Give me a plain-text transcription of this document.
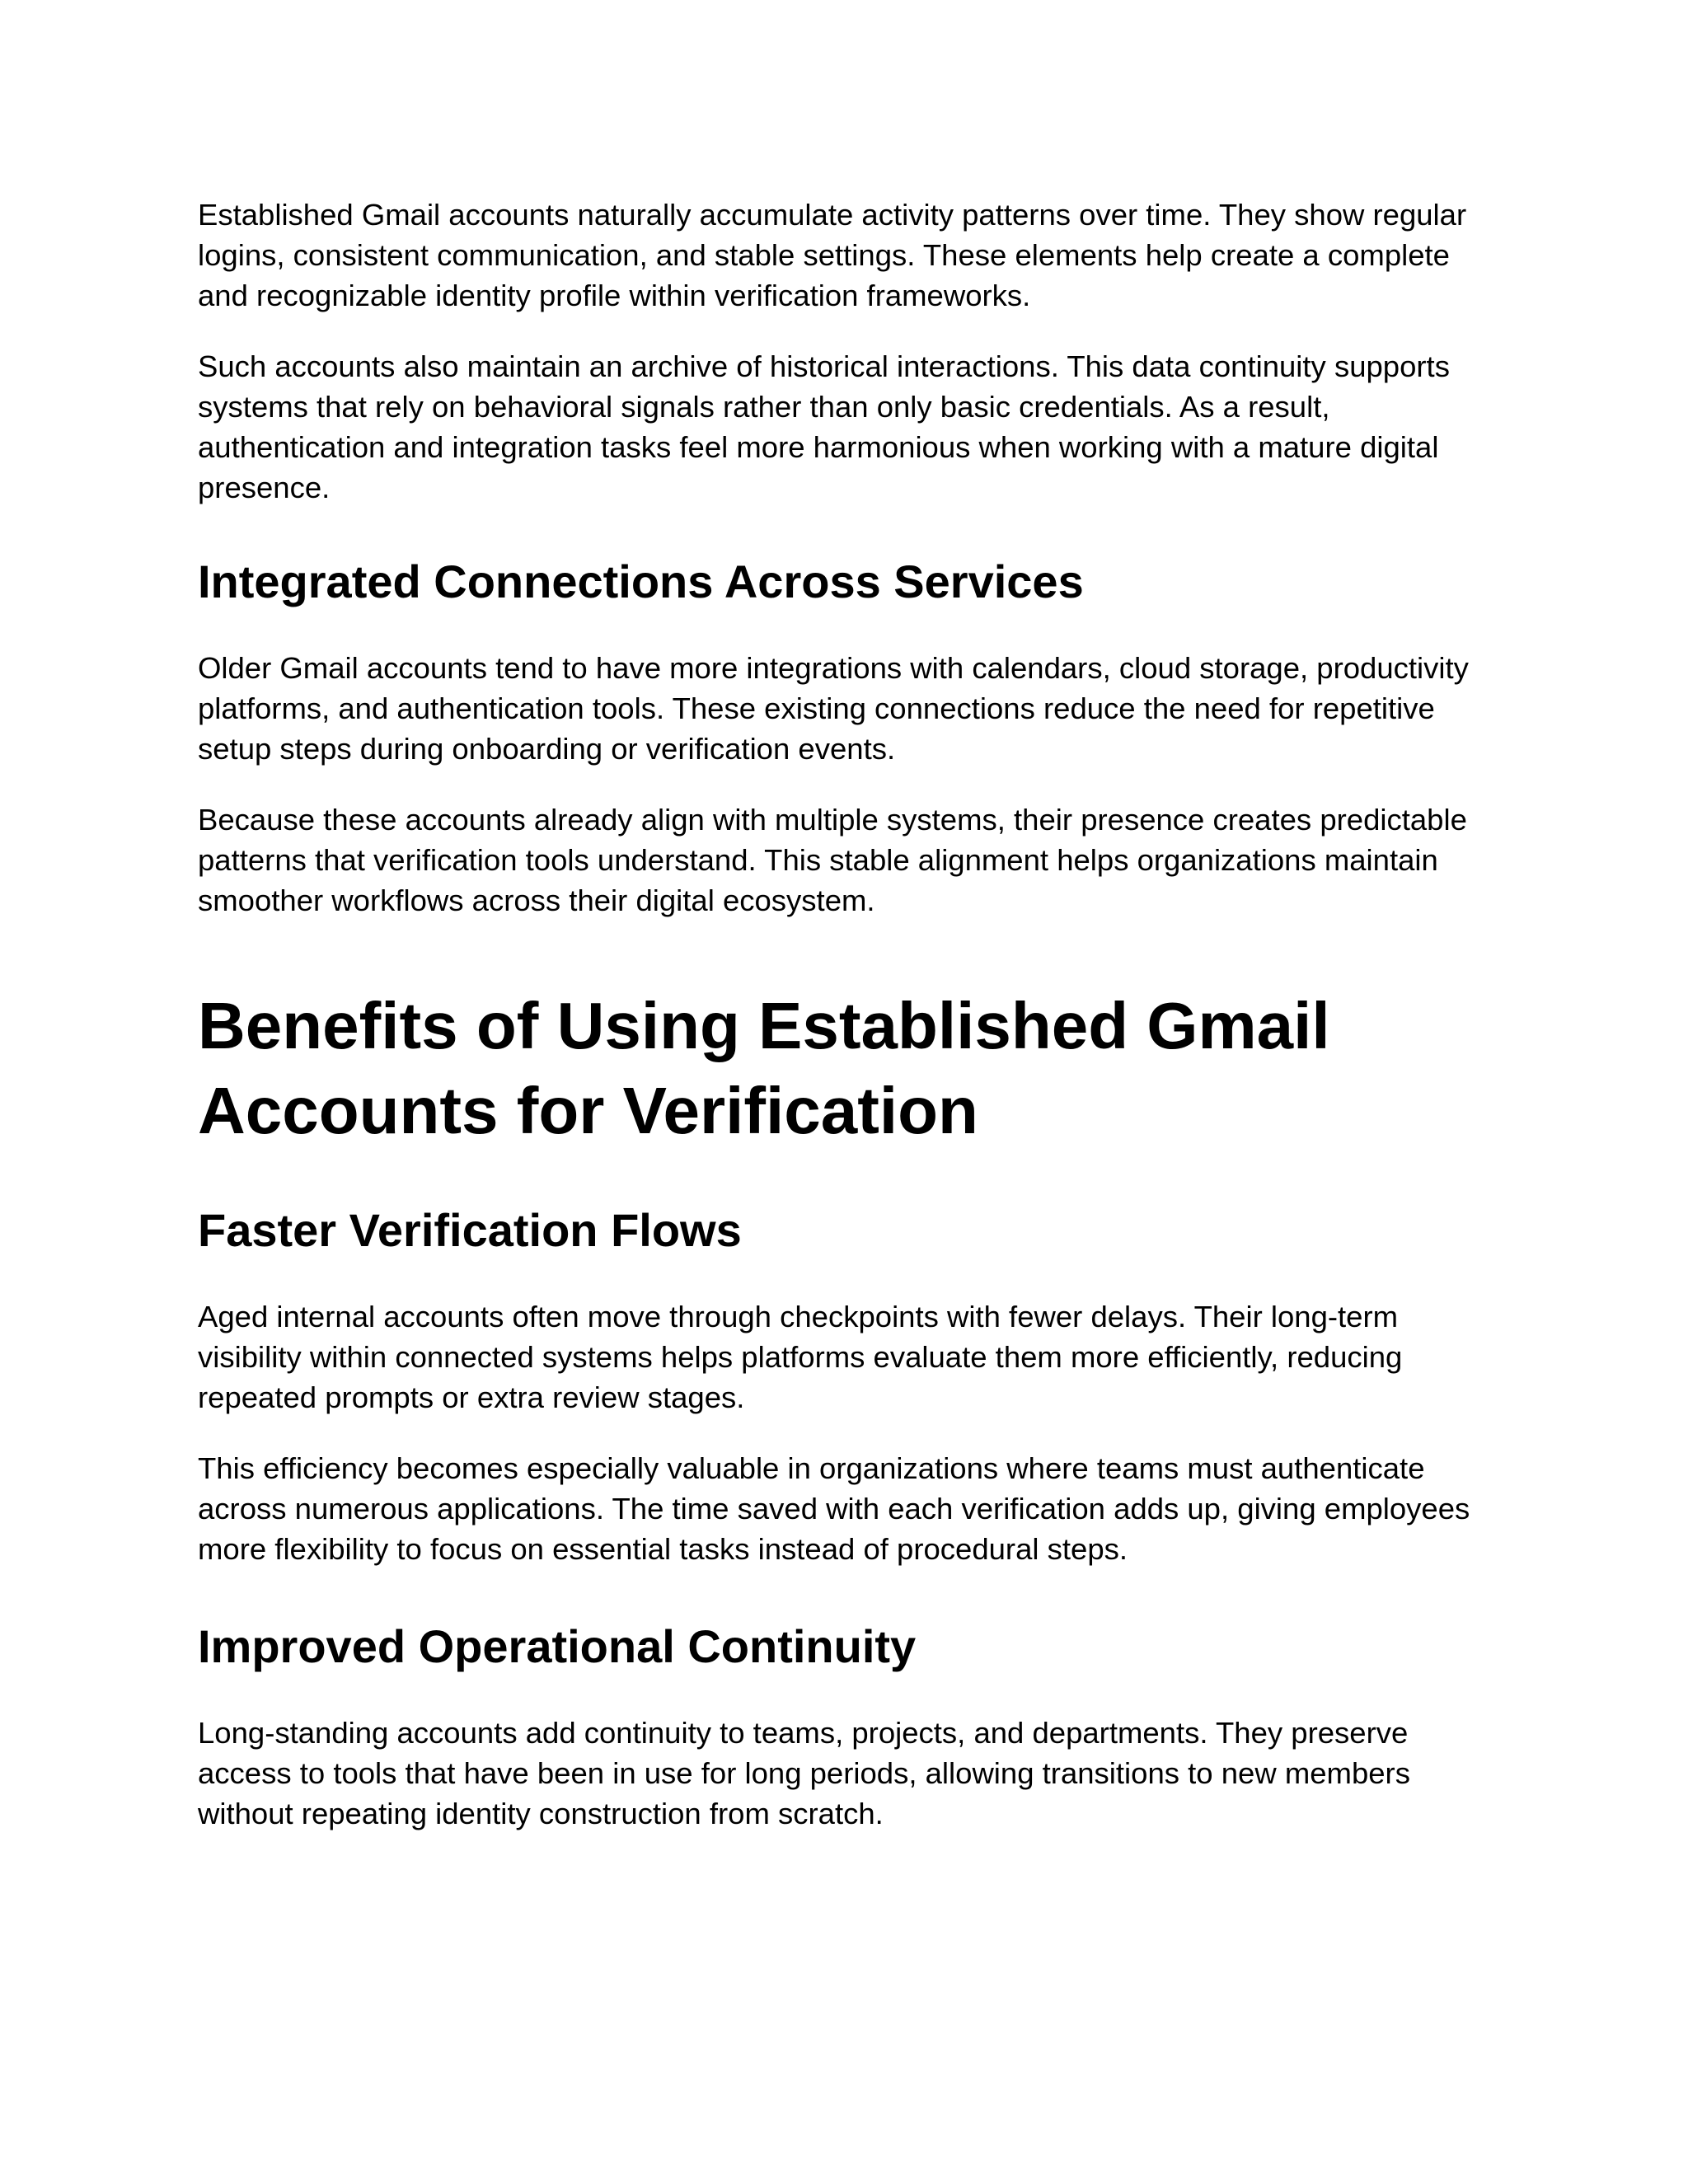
Established Gmail accounts naturally accumulate activity patterns over time. They show regular logins, consistent communication, and stable settings. These elements help create a complete and recognizable identity profile within verification frameworks.

Such accounts also maintain an archive of historical interactions. This data continuity supports systems that rely on behavioral signals rather than only basic credentials. As a result, authentication and integration tasks feel more harmonious when working with a mature digital presence.

Integrated Connections Across Services

Older Gmail accounts tend to have more integrations with calendars, cloud storage, productivity platforms, and authentication tools. These existing connections reduce the need for repetitive setup steps during onboarding or verification events.

Because these accounts already align with multiple systems, their presence creates predictable patterns that verification tools understand. This stable alignment helps organizations maintain smoother workflows across their digital ecosystem.

Benefits of Using Established Gmail Accounts for Verification
Faster Verification Flows

Aged internal accounts often move through checkpoints with fewer delays. Their long-term visibility within connected systems helps platforms evaluate them more efficiently, reducing repeated prompts or extra review stages.

This efficiency becomes especially valuable in organizations where teams must authenticate across numerous applications. The time saved with each verification adds up, giving employees more flexibility to focus on essential tasks instead of procedural steps.

Improved Operational Continuity

Long-standing accounts add continuity to teams, projects, and departments. They preserve access to tools that have been in use for long periods, allowing transitions to new members without repeating identity construction from scratch.
